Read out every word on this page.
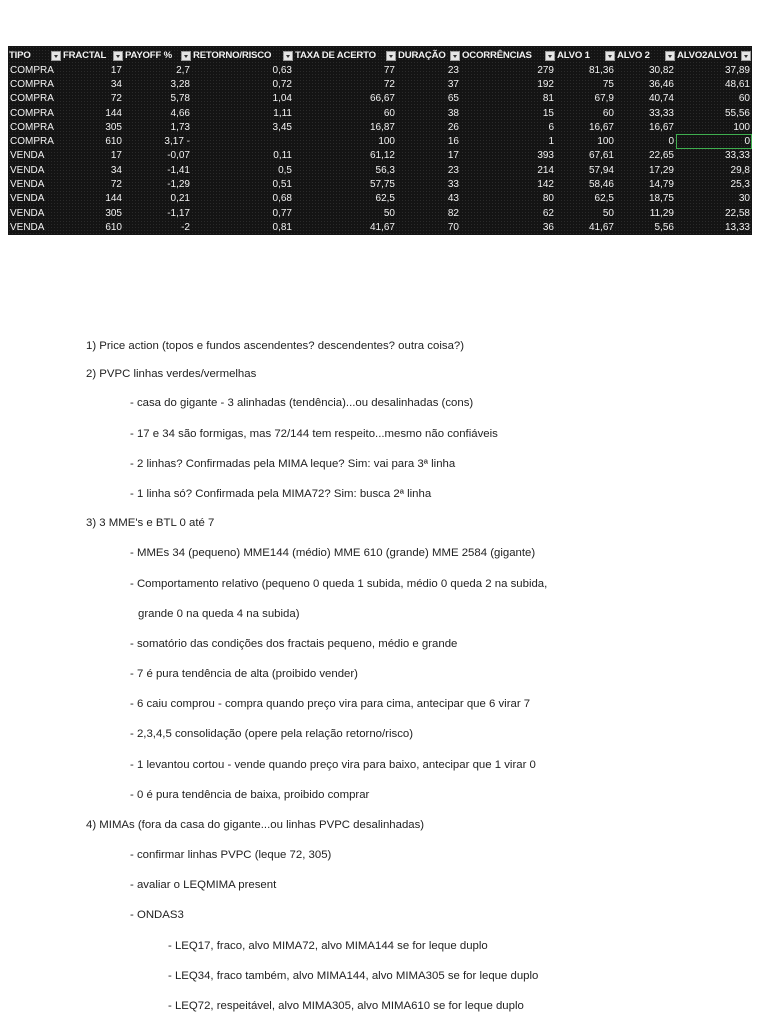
TIPO	FRACTAL	PAYOFF %	RETORNO/RISCO	TAXA DE ACERTO	DURAÇÃO	OCORRÊNCIAS	ALVO 1	ALVO 2	ALVO2ALVO1

COMPRA	17	2,7	0,63	77	23	279	81,36	30,82	37,89
COMPRA	34	3,28	0,72	72	37	192	75	36,46	48,61
COMPRA	72	5,78	1,04	66,67	65	81	67,9	40,74	60
COMPRA	144	4,66	1,11	60	38	15	60	33,33	55,56
COMPRA	305	1,73	3,45	16,87	26	6	16,67	16,67	100
COMPRA	610	3,17 -		100	16	1	100	0	0
VENDA	17	-0,07	0,11	61,12	17	393	67,61	22,65	33,33
VENDA	34	-1,41	0,5	56,3	23	214	57,94	17,29	29,8
VENDA	72	-1,29	0,51	57,75	33	142	58,46	14,79	25,3
VENDA	144	0,21	0,68	62,5	43	80	62,5	18,75	30
VENDA	305	-1,17	0,77	50	82	62	50	11,29	22,58
VENDA	610	-2	0,81	41,67	70	36	41,67	5,56	13,33
1) Price action (topos e fundos ascendentes? descendentes? outra coisa?)
2) PVPC linhas verdes/vermelhas
- casa do gigante - 3 alinhadas (tendência)...ou desalinhadas (cons)
- 17 e 34 são formigas, mas 72/144 tem respeito...mesmo não confiáveis
- 2 linhas? Confirmadas pela MIMA leque? Sim: vai para 3ª linha
- 1 linha só? Confirmada pela MIMA72? Sim: busca 2ª linha
3) 3 MME's e BTL 0 até 7
- MMEs 34 (pequeno) MME144 (médio) MME 610 (grande) MME 2584 (gigante)
- Comportamento relativo (pequeno 0 queda 1 subida, médio 0 queda 2 na subida,
grande 0 na queda 4 na subida)
- somatório das condições dos fractais pequeno, médio e grande
- 7 é pura tendência de alta (proibido vender)
- 6 caiu comprou - compra quando preço vira para cima, antecipar que 6 virar 7
- 2,3,4,5 consolidação (opere pela relação retorno/risco)
- 1 levantou cortou - vende quando preço vira para baixo, antecipar que 1 virar 0
- 0 é pura tendência de baixa, proibido comprar
4) MIMAs (fora da casa do gigante...ou linhas PVPC desalinhadas)
- confirmar linhas PVPC (leque 72, 305)
- avaliar o LEQMIMA present
- ONDAS3
- LEQ17, fraco, alvo MIMA72, alvo MIMA144 se for leque duplo
- LEQ34, fraco também, alvo MIMA144, alvo MIMA305 se for leque duplo
- LEQ72, respeitável, alvo MIMA305, alvo MIMA610 se for leque duplo
